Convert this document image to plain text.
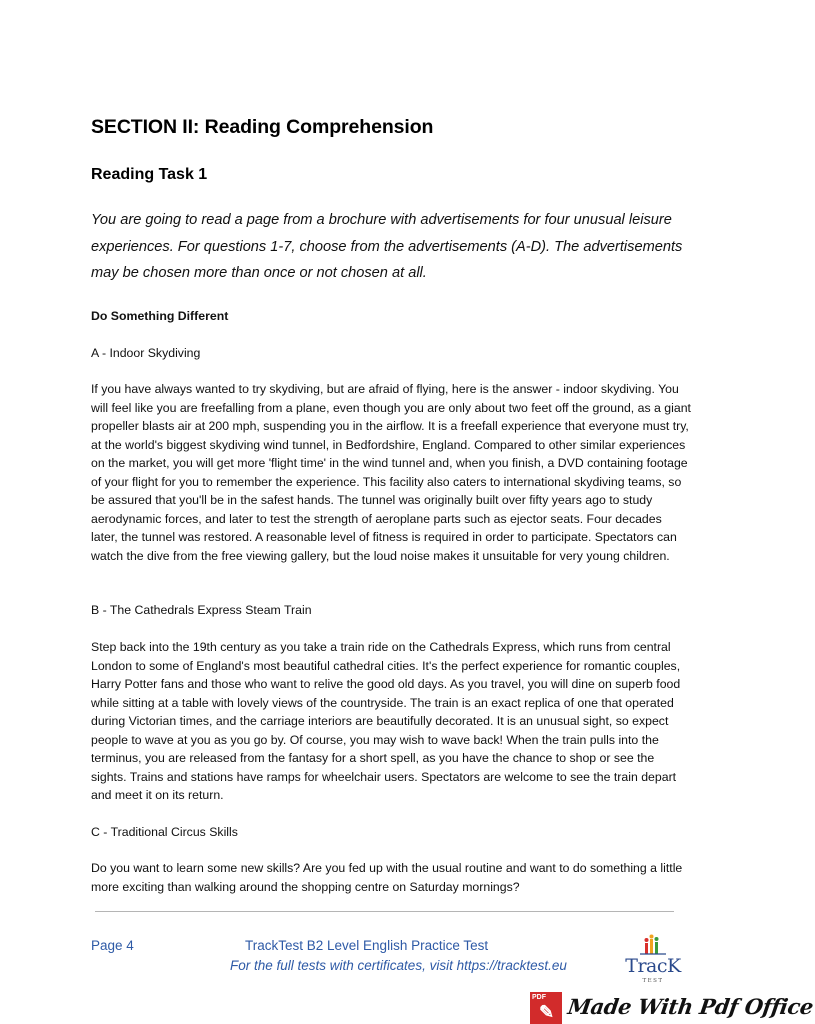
SECTION II: Reading Comprehension
Reading Task 1

You are going to read a page from a brochure with advertisements for four unusual leisure experiences. For questions 1-7, choose from the advertisements (A-D). The advertisements may be chosen more than once or not chosen at all.

Do Something Different

A - Indoor Skydiving

If you have always wanted to try skydiving, but are afraid of flying, here is the answer - indoor skydiving. You will feel like you are freefalling from a plane, even though you are only about two feet off the ground, as a giant propeller blasts air at 200 mph, suspending you in the airflow. It is a freefall experience that everyone must try, at the world's biggest skydiving wind tunnel, in Bedfordshire, England. Compared to other similar experiences on the market, you will get more 'flight time' in the wind tunnel and, when you finish, a DVD containing footage of your flight for you to remember the experience. This facility also caters to international skydiving teams, so be assured that you'll be in the safest hands. The tunnel was originally built over fifty years ago to study aerodynamic forces, and later to test the strength of aeroplane parts such as ejector seats. Four decades later, the tunnel was restored. A reasonable level of fitness is required in order to participate. Spectators can watch the dive from the free viewing gallery, but the loud noise makes it unsuitable for very young children.

B - The Cathedrals Express Steam Train

Step back into the 19th century as you take a train ride on the Cathedrals Express, which runs from central London to some of England's most beautiful cathedral cities. It's the perfect experience for romantic couples, Harry Potter fans and those who want to relive the good old days. As you travel, you will dine on superb food while sitting at a table with lovely views of the countryside. The train is an exact replica of one that operated during Victorian times, and the carriage interiors are beautifully decorated. It is an unusual sight, so expect people to wave at you as you go by. Of course, you may wish to wave back! When the train pulls into the terminus, you are released from the fantasy for a short spell, as you have the chance to shop or see the sights. Trains and stations have ramps for wheelchair users. Spectators are welcome to see the train depart and meet it on its return.

C - Traditional Circus Skills

Do you want to learn some new skills? Are you fed up with the usual routine and want to do something a little more exciting than walking around the shopping centre on Saturday mornings?

Page 4	TrackTest B2 Level English Practice Test
For the full tests with certificates, visit https://tracktest.eu	TracK
TEST
PDF
✎ Made With Pdf Office
